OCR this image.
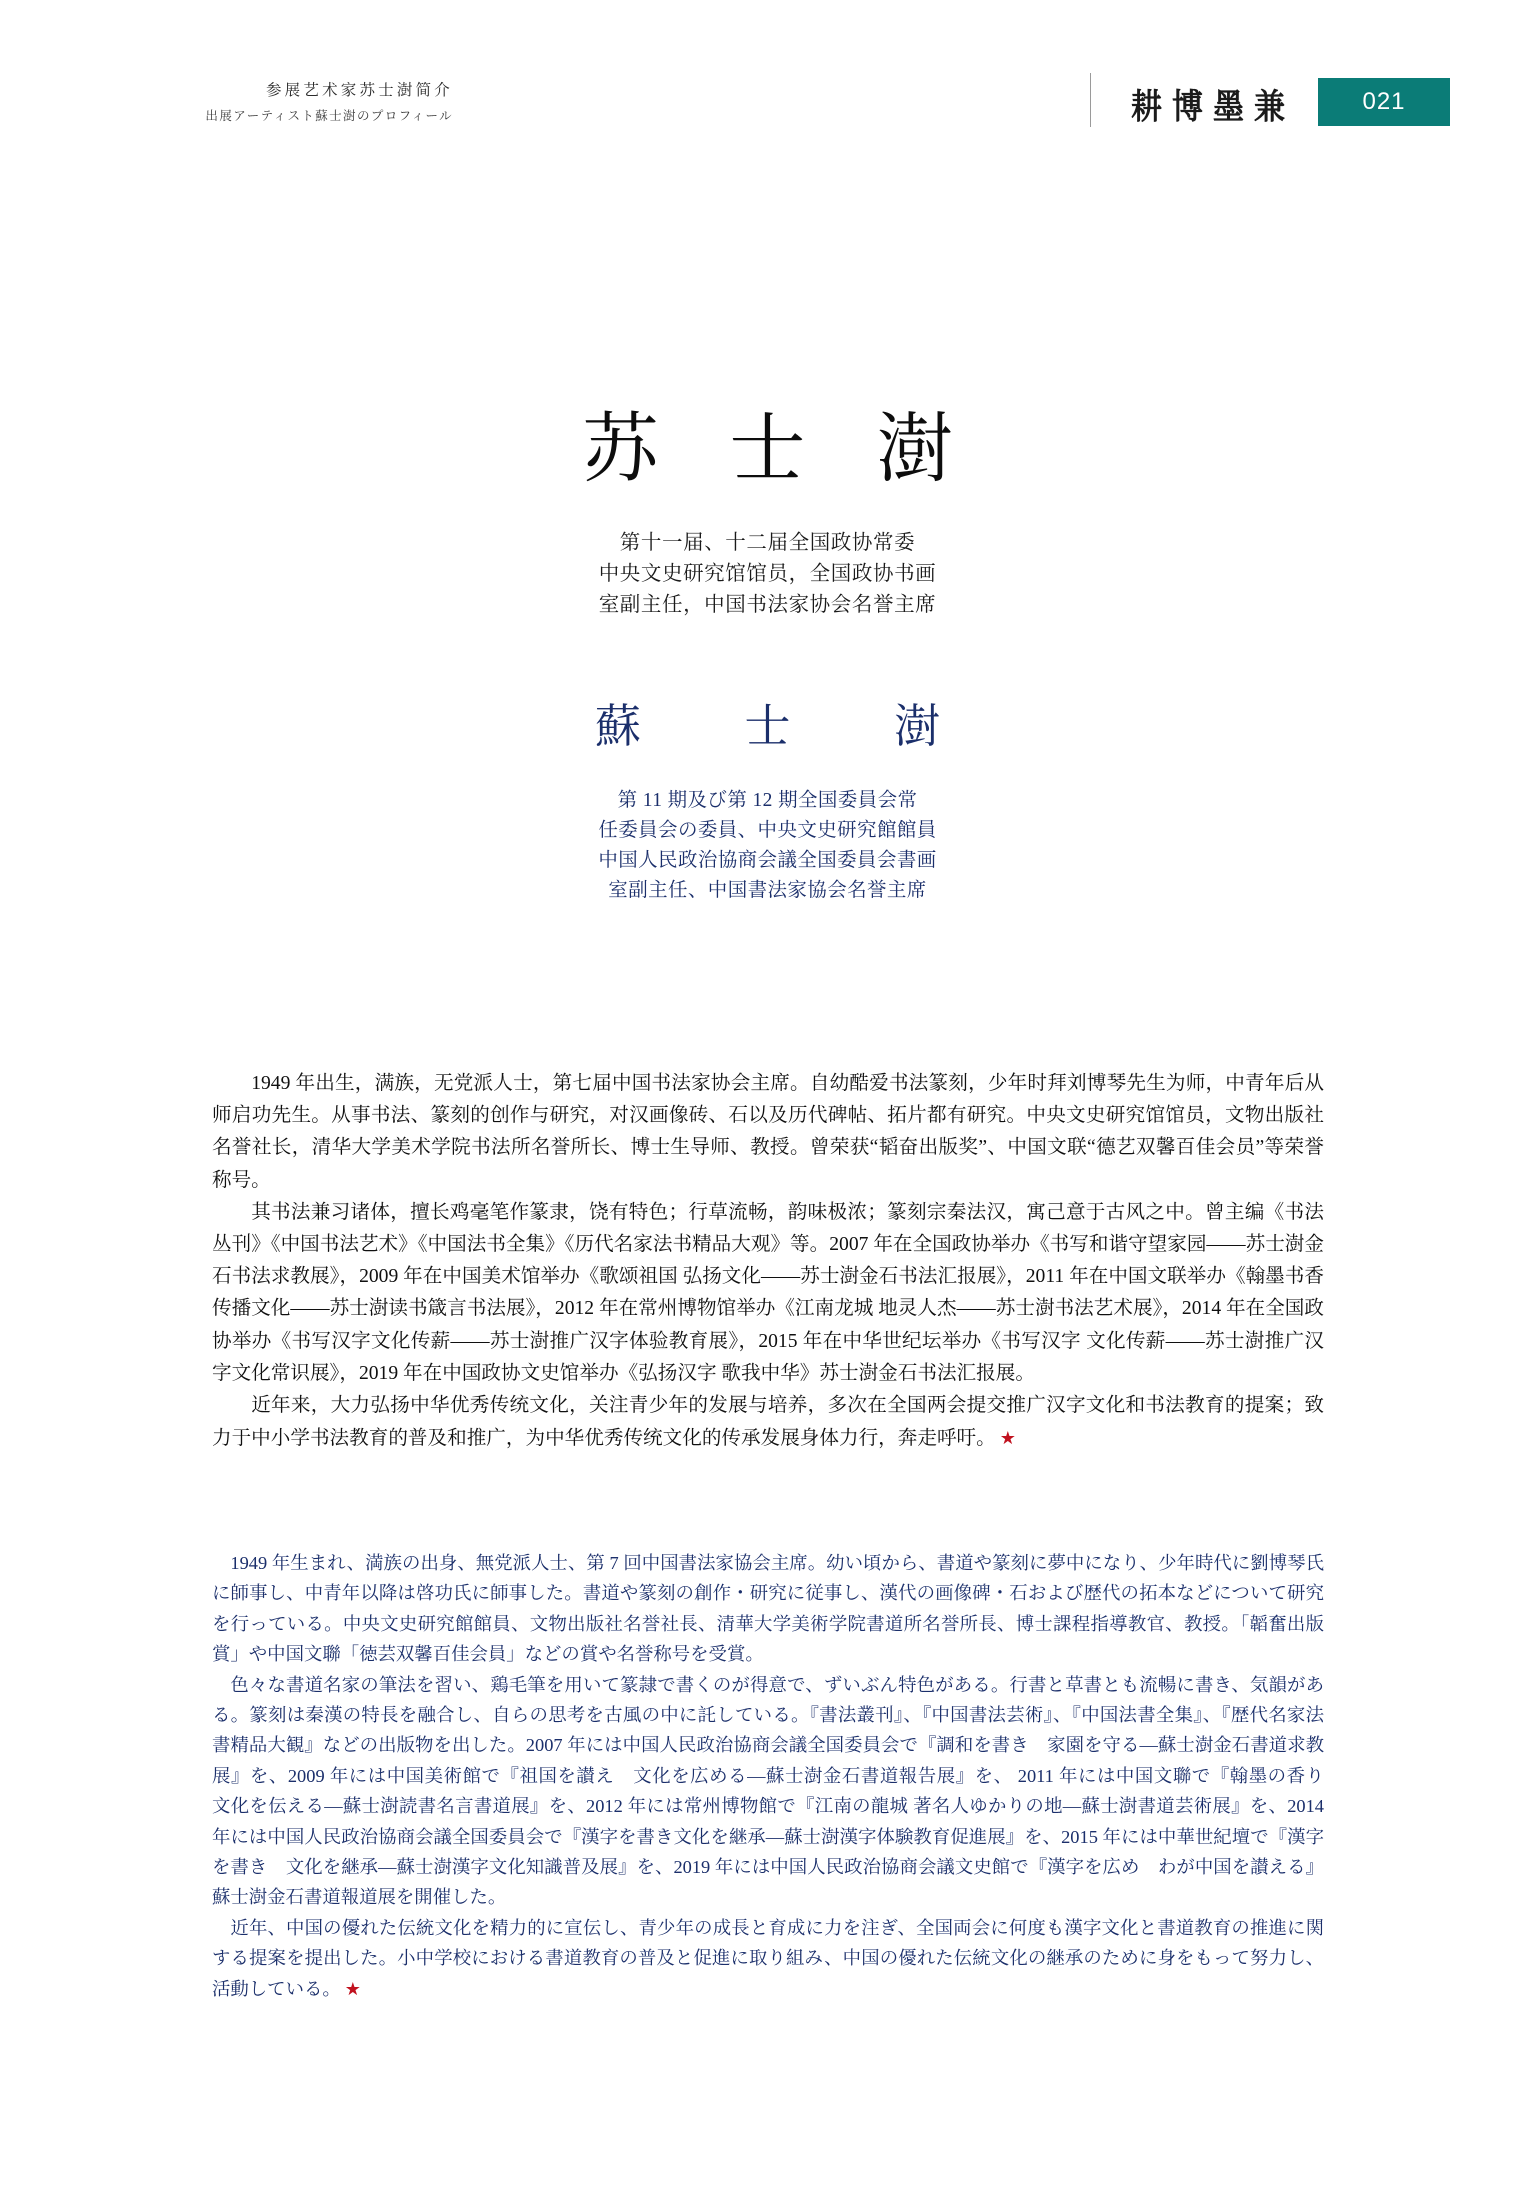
参展艺术家苏士澍简介
出展アーティスト蘇士澍のプロフィール	耕 博 墨 兼	021
苏 士 澍
第十一届、十二届全国政协常委
中央文史研究馆馆员，全国政协书画
室副主任，中国书法家协会名誉主席
蘇 士 澍
第 11 期及び第 12 期全国委員会常
任委員会の委員、中央文史研究館館員
中国人民政治協商会議全国委員会書画
室副主任、中国書法家協会名誉主席

1949 年出生，满族，无党派人士，第七届中国书法家协会主席。自幼酷爱书法篆刻，少年时拜刘博琴先生为师，中青年后从师启功先生。从事书法、篆刻的创作与研究，对汉画像砖、石以及历代碑帖、拓片都有研究。中央文史研究馆馆员，文物出版社名誉社长，清华大学美术学院书法所名誉所长、博士生导师、教授。曾荣获“韬奋出版奖”、中国文联“德艺双馨百佳会员”等荣誉称号。

其书法兼习诸体，擅长鸡毫笔作篆隶，饶有特色；行草流畅，韵味极浓；篆刻宗秦法汉，寓己意于古风之中。曾主编《书法丛刊》《中国书法艺术》《中国法书全集》《历代名家法书精品大观》等。2007 年在全国政协举办《书写和谐守望家园——苏士澍金石书法求教展》，2009 年在中国美术馆举办《歌颂祖国 弘扬文化——苏士澍金石书法汇报展》，2011 年在中国文联举办《翰墨书香传播文化——苏士澍读书箴言书法展》，2012 年在常州博物馆举办《江南龙城 地灵人杰——苏士澍书法艺术展》，2014 年在全国政协举办《书写汉字文化传薪——苏士澍推广汉字体验教育展》，2015 年在中华世纪坛举办《书写汉字 文化传薪——苏士澍推广汉字文化常识展》，2019 年在中国政协文史馆举办《弘扬汉字 歌我中华》苏士澍金石书法汇报展。

近年来，大力弘扬中华优秀传统文化，关注青少年的发展与培养，多次在全国两会提交推广汉字文化和书法教育的提案；致力于中小学书法教育的普及和推广，为中华优秀传统文化的传承发展身体力行，奔走呼吁。 ★

1949 年生まれ、満族の出身、無党派人士、第 7 回中国書法家協会主席。幼い頃から、書道や篆刻に夢中になり、少年時代に劉博琴氏に師事し、中青年以降は啓功氏に師事した。書道や篆刻の創作・研究に従事し、漢代の画像碑・石および歴代の拓本などについて研究を行っている。中央文史研究館館員、文物出版社名誉社長、清華大学美術学院書道所名誉所長、博士課程指導教官、教授。「韜奮出版賞」や中国文聯「徳芸双馨百佳会員」などの賞や名誉称号を受賞。

色々な書道名家の筆法を習い、鶏毛筆を用いて篆隷で書くのが得意で、ずいぶん特色がある。行書と草書とも流暢に書き、気韻がある。篆刻は秦漢の特長を融合し、自らの思考を古風の中に託している。『書法叢刊』、『中国書法芸術』、『中国法書全集』、『歴代名家法書精品大観』などの出版物を出した。2007 年には中国人民政治協商会議全国委員会で『調和を書き　家園を守る—蘇士澍金石書道求教展』を、2009 年には中国美術館で『祖国を讃え　文化を広める—蘇士澍金石書道報告展』を、 2011 年には中国文聯で『翰墨の香り　文化を伝える—蘇士澍読書名言書道展』を、2012 年には常州博物館で『江南の龍城 著名人ゆかりの地—蘇士澍書道芸術展』を、2014 年には中国人民政治協商会議全国委員会で『漢字を書き文化を継承—蘇士澍漢字体験教育促進展』を、2015 年には中華世紀壇で『漢字を書き　文化を継承—蘇士澍漢字文化知識普及展』を、2019 年には中国人民政治協商会議文史館で『漢字を広め　わが中国を讃える』蘇士澍金石書道報道展を開催した。

近年、中国の優れた伝統文化を精力的に宣伝し、青少年の成長と育成に力を注ぎ、全国両会に何度も漢字文化と書道教育の推進に関する提案を提出した。小中学校における書道教育の普及と促進に取り組み、中国の優れた伝統文化の継承のために身をもって努力し、活動している。 ★
